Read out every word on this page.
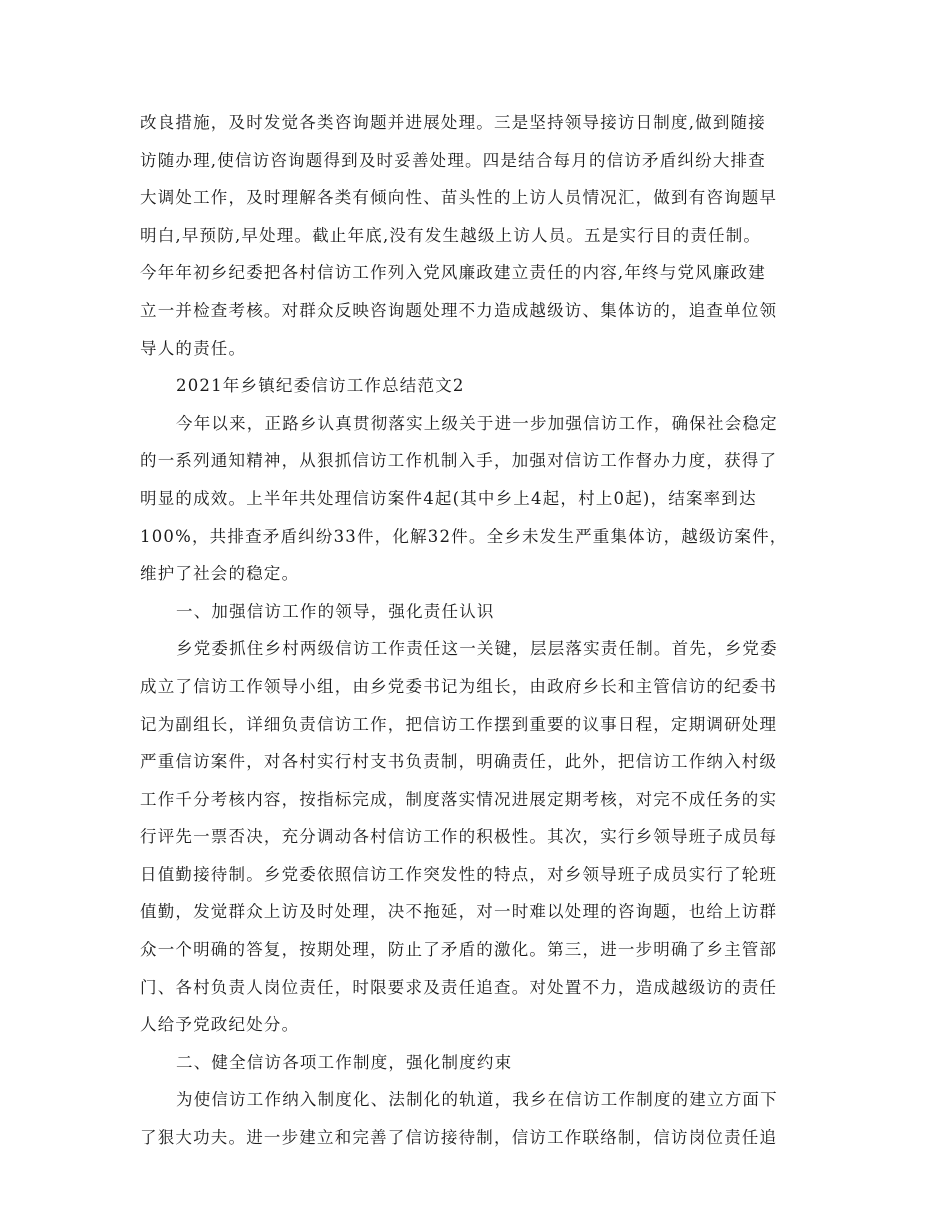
改良措施，及时发觉各类咨询题并进展处理。三是坚持领导接访日制度,做到随接
访随办理,使信访咨询题得到及时妥善处理。四是结合每月的信访矛盾纠纷大排查
大调处工作，及时理解各类有倾向性、苗头性的上访人员情况汇，做到有咨询题早
明白,早预防,早处理。截止年底,没有发生越级上访人员。五是实行目的责任制。
今年年初乡纪委把各村信访工作列入党风廉政建立责任的内容,年终与党风廉政建
立一并检查考核。对群众反映咨询题处理不力造成越级访、集体访的，追查单位领
导人的责任。
2021年乡镇纪委信访工作总结范文2
今年以来，正路乡认真贯彻落实上级关于进一步加强信访工作，确保社会稳定
的一系列通知精神，从狠抓信访工作机制入手，加强对信访工作督办力度，获得了
明显的成效。上半年共处理信访案件4起(其中乡上4起，村上0起)，结案率到达
100%，共排查矛盾纠纷33件，化解32件。全乡未发生严重集体访，越级访案件，
维护了社会的稳定。
一、加强信访工作的领导，强化责任认识
乡党委抓住乡村两级信访工作责任这一关键，层层落实责任制。首先，乡党委
成立了信访工作领导小组，由乡党委书记为组长，由政府乡长和主管信访的纪委书
记为副组长，详细负责信访工作，把信访工作摆到重要的议事日程，定期调研处理
严重信访案件，对各村实行村支书负责制，明确责任，此外，把信访工作纳入村级
工作千分考核内容，按指标完成，制度落实情况进展定期考核，对完不成任务的实
行评先一票否决，充分调动各村信访工作的积极性。其次，实行乡领导班子成员每
日值勤接待制。乡党委依照信访工作突发性的特点，对乡领导班子成员实行了轮班
值勤，发觉群众上访及时处理，决不拖延，对一时难以处理的咨询题，也给上访群
众一个明确的答复，按期处理，防止了矛盾的激化。第三，进一步明确了乡主管部
门、各村负责人岗位责任，时限要求及责任追查。对处置不力，造成越级访的责任
人给予党政纪处分。
二、健全信访各项工作制度，强化制度约束
为使信访工作纳入制度化、法制化的轨道，我乡在信访工作制度的建立方面下
了狠大功夫。进一步建立和完善了信访接待制，信访工作联络制，信访岗位责任追
